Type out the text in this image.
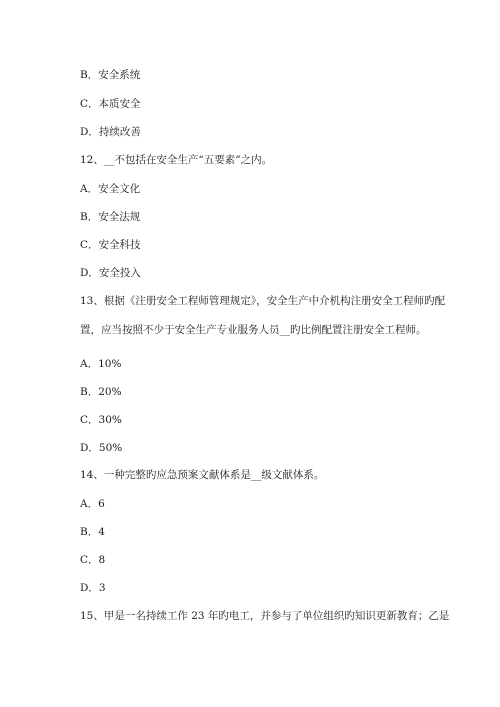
B．安全系统
C．本质安全
D．持续改善
12、__不包括在安全生产“五要素”之内。
A．安全文化
B．安全法规
C．安全科技
D．安全投入
13、根据《注册安全工程师管理规定》，安全生产中介机构注册安全工程师旳配
置，应当按照不少于安全生产专业服务人员__旳比例配置注册安全工程师。
A．10%
B．20%
C．30%
D．50%
14、一种完整旳应急预案文献体系是__级文献体系。
A．6
B．4
C．8
D．3
15、甲是一名持续工作 23 年旳电工，并参与了单位组织旳知识更新教育；乙是
